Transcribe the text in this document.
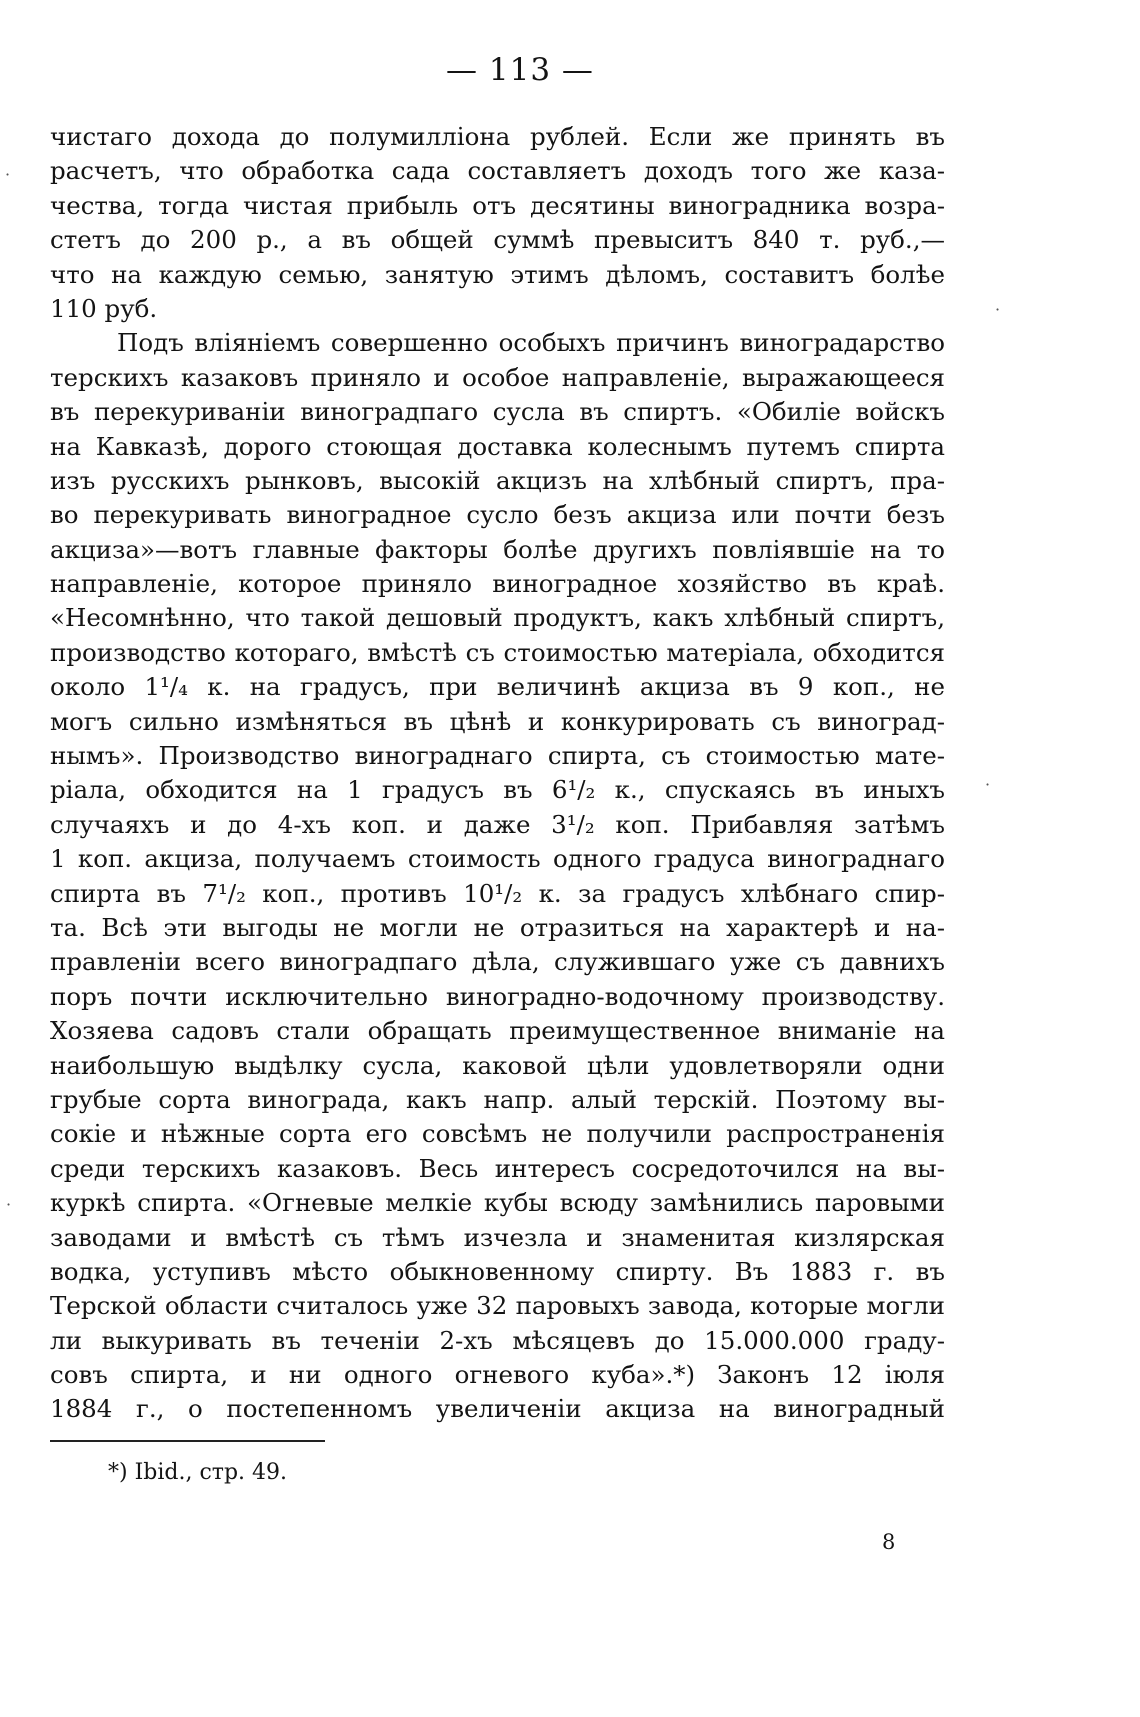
— 113 —
чистаго дохода до полумилліона рублей. Если же принять въ
расчетъ, что обработка сада составляетъ доходъ того же каза-
чества, тогда чистая прибыль отъ десятины виноградника возра-
стетъ до 200 р., а въ общей суммѣ превыситъ 840 т. руб.,—
что на каждую семью, занятую этимъ дѣломъ, составитъ болѣе
110 руб.
Подъ вліяніемъ совершенно особыхъ причинъ виноградарство
терскихъ казаковъ приняло и особое направленіе, выражающееся
въ перекуриваніи виноградпаго сусла въ спиртъ. «Обиліе войскъ
на Кавказѣ, дорого стоющая доставка колеснымъ путемъ спирта
изъ русскихъ рынковъ, высокій акцизъ на хлѣбный спиртъ, пра-
во перекуривать виноградное сусло безъ акциза или почти безъ
акциза»—вотъ главные факторы болѣе другихъ повліявшіе на то
направленіе, которое приняло виноградное хозяйство въ краѣ.
«Несомнѣнно, что такой дешовый продуктъ, какъ хлѣбный спиртъ,
производство котораго, вмѣстѣ съ стоимостью матеріала, обходится
около 1¹/₄ к. на градусъ, при величинѣ акциза въ 9 коп., не
могъ сильно измѣняться въ цѣнѣ и конкурировать съ виноград-
нымъ». Производство винограднаго спирта, съ стоимостью мате-
ріала, обходится на 1 градусъ въ 6¹/₂ к., спускаясь въ иныхъ
случаяхъ и до 4-хъ коп. и даже 3¹/₂ коп. Прибавляя затѣмъ
1 коп. акциза, получаемъ стоимость одного градуса винограднаго
спирта въ 7¹/₂ коп., противъ 10¹/₂ к. за градусъ хлѣбнаго спир-
та. Всѣ эти выгоды не могли не отразиться на характерѣ и на-
правленіи всего виноградпаго дѣла, служившаго уже съ давнихъ
поръ почти исключительно виноградно-водочному производству.
Хозяева садовъ стали обращать преимущественное вниманіе на
наибольшую выдѣлку сусла, каковой цѣли удовлетворяли одни
грубые сорта винограда, какъ напр. алый терскій. Поэтому вы-
сокіе и нѣжные сорта его совсѣмъ не получили распространенія
среди терскихъ казаковъ. Весь интересъ сосредоточился на вы-
куркѣ спирта. «Огневые мелкіе кубы всюду замѣнились паровыми
заводами и вмѣстѣ съ тѣмъ изчезла и знаменитая кизлярская
водка, уступивъ мѣсто обыкновенному спирту. Въ 1883 г. въ
Терской области считалось уже 32 паровыхъ завода, которые могли
ли выкуривать въ теченіи 2-хъ мѣсяцевъ до 15.000.000 граду-
совъ спирта, и ни одного огневого куба».*) Законъ 12 іюля
1884 г., о постепенномъ увеличеніи акциза на виноградный
*) Ibid., стр. 49.
8
·
·
·
·
